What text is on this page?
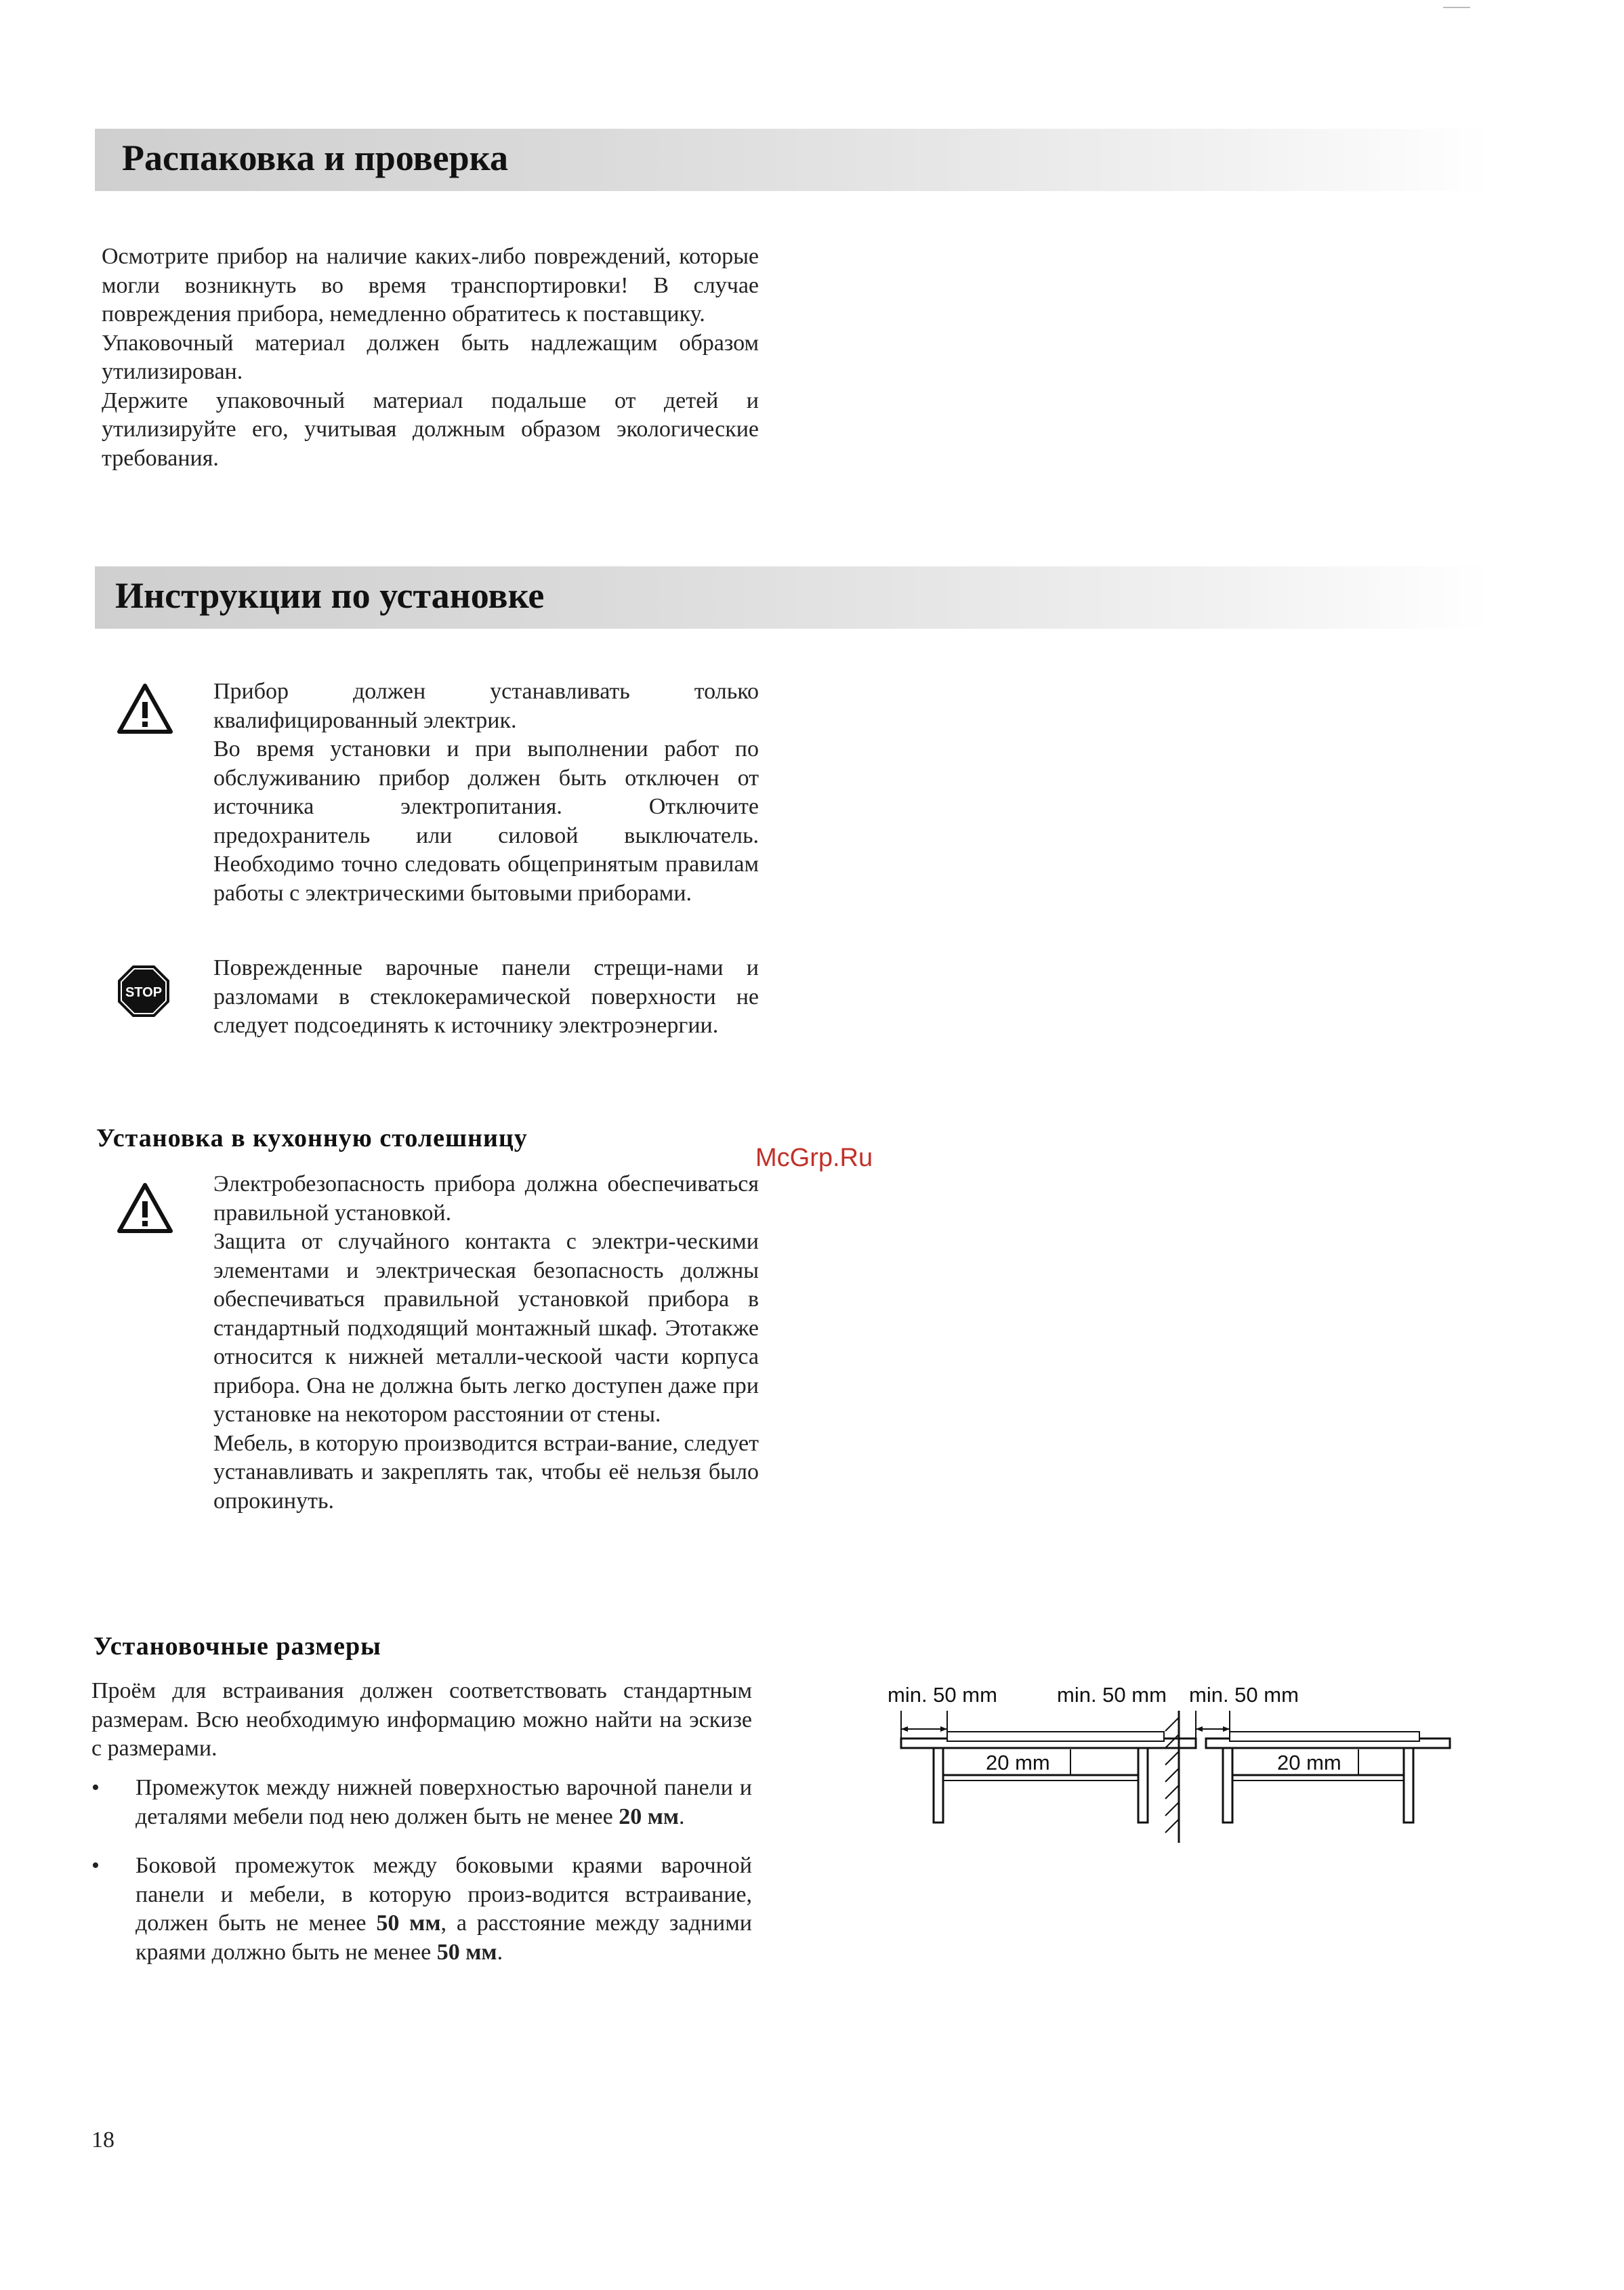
Распаковка и проверка

Осмотрите прибор на наличие каких-либо повреждений, которые могли возникнуть во время транспортировки! В случае повреждения прибора, немедленно обратитесь к поставщику.

Упаковочный материал должен быть надлежащим образом утилизирован.

Держите упаковочный материал подальше от детей и утилизируйте его, учитывая должным образом экологические требования.

Инструкции по установке

Прибор должен устанавливать только квалифицированный электрик.

Во время установки и при выполнении работ по обслуживанию прибор должен быть отключен от источника электропитания. Отключите предохранитель или силовой выключатель. Необходимо точно следовать общепринятым правилам работы с электрическими бытовыми приборами.

STOP

Поврежденные варочные панели стрещи-нами и разломами в стеклокерамической поверхности не следует подсоединять к источнику электроэнергии.

Установка в кухонную столешницу
McGrp.Ru

Электробезопасность прибора должна обеспечиваться правильной установкой.

Защита от случайного контакта с электри-ческими элементами и электрическая безопасность должны обеспечиваться правильной установкой прибора в стандартный подходящий монтажный шкаф. Этотакже относится к нижней металли-ческоой части корпуса прибора. Она не должна быть легко доступен даже при установке на некотором расстоянии от стены.

Мебель, в которую производится встраи-вание, следует устанавливать и закреплять так, чтобы её нельзя было опрокинуть.

Установочные размеры

Проём для встраивания должен соответствовать стандартным размерам. Всю необходимую информацию можно найти на эскизе с размерами.

• Промежуток между нижней поверхностью варочной панели и деталями мебели под нею должен быть не менее 20 мм.
• Боковой промежуток между боковыми краями варочной панели и мебели, в которую произ-водится встраивание, должен быть не менее 50 мм, а расстояние между задними краями должно быть не менее 50 мм.
min. 50 mm	min. 50 mm min. 50 mm
20 mm	20 mm
18
